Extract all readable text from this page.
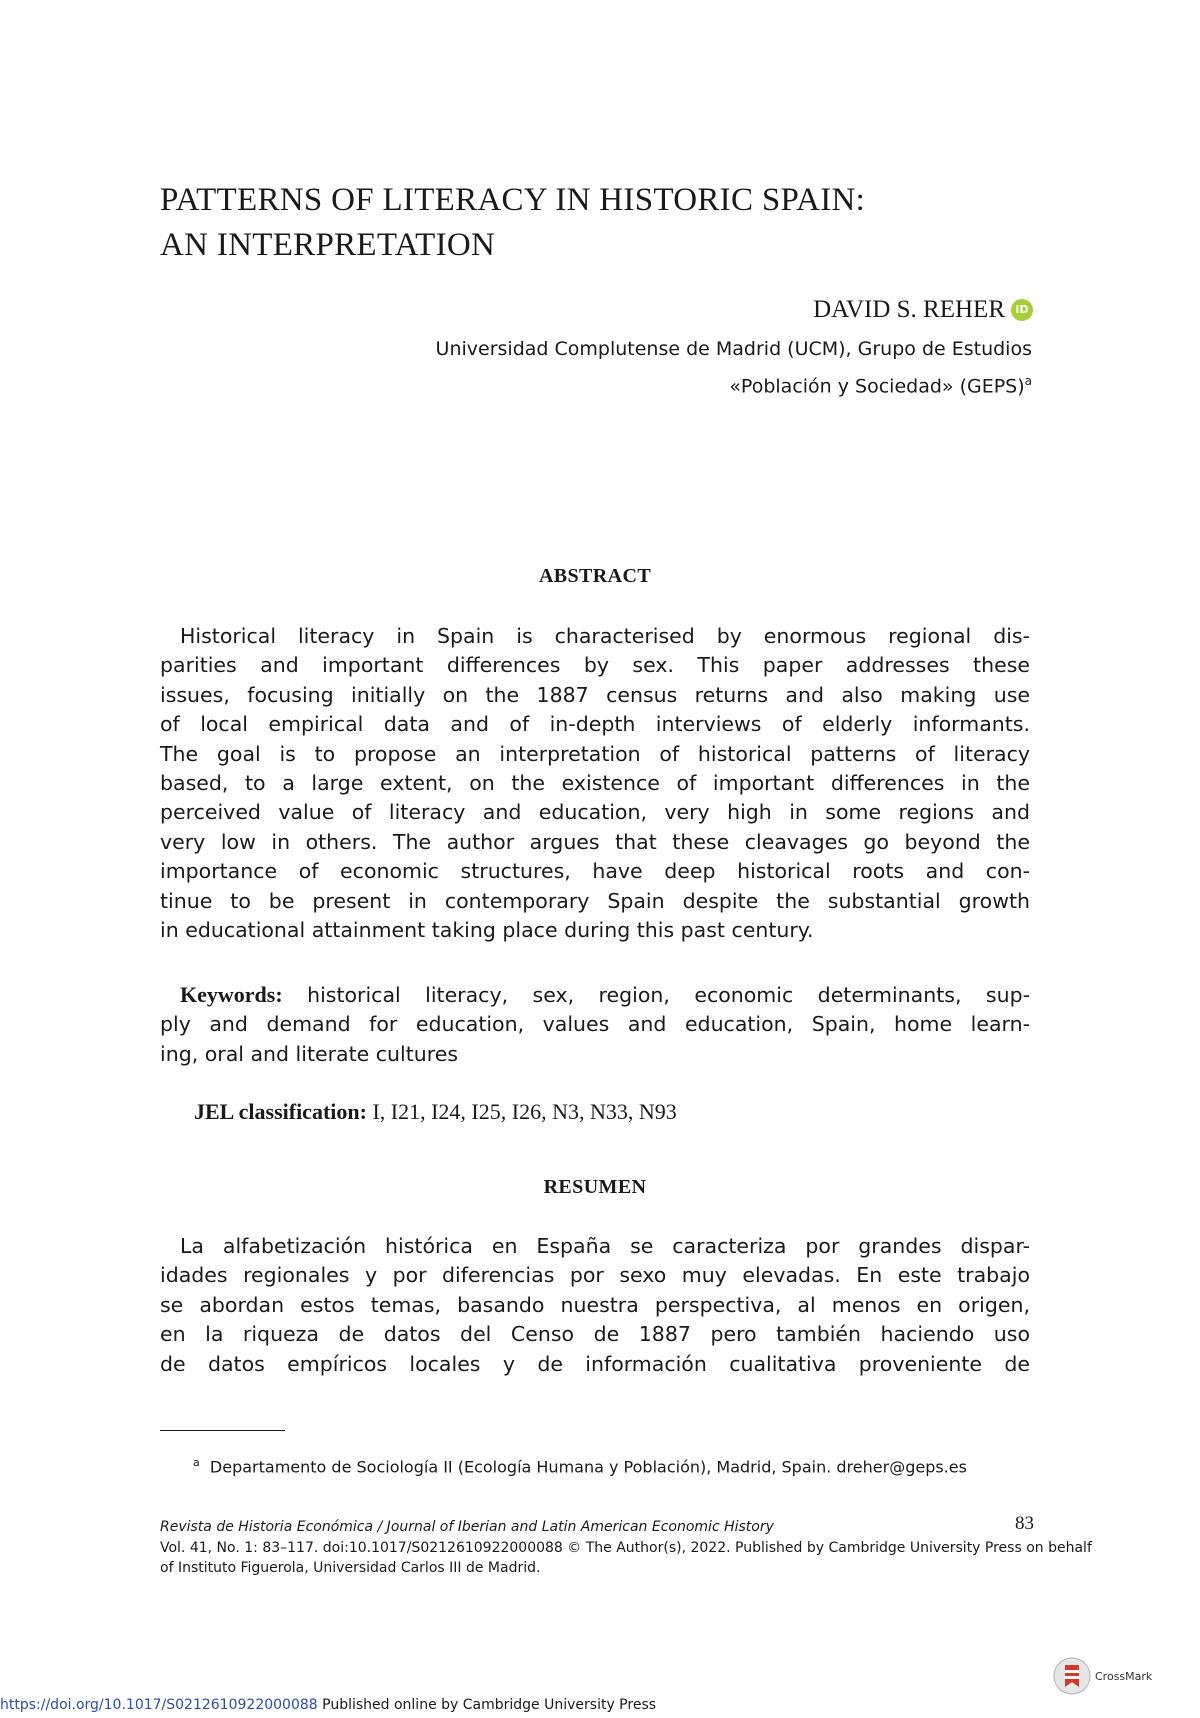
PATTERNS OF LITERACY IN HISTORIC SPAIN:
AN INTERPRETATION
DAVID S. REHER iD
Universidad Complutense de Madrid (UCM), Grupo de Estudios
«Población y Sociedad» (GEPS)$^a$
ABSTRACT
Historical literacy in Spain is characterised by enormous regional dis-
parities and important differences by sex. This paper addresses these
issues, focusing initially on the 1887 census returns and also making use
of local empirical data and of in-depth interviews of elderly informants.
The goal is to propose an interpretation of historical patterns of literacy
based, to a large extent, on the existence of important differences in the
perceived value of literacy and education, very high in some regions and
very low in others. The author argues that these cleavages go beyond the
importance of economic structures, have deep historical roots and con-
tinue to be present in contemporary Spain despite the substantial growth
in educational attainment taking place during this past century.
Keywords: historical literacy, sex, region, economic determinants, sup-
ply and demand for education, values and education, Spain, home learn-
ing, oral and literate cultures
JEL classification: I, I21, I24, I25, I26, N3, N33, N93
RESUMEN
La alfabetización histórica en España se caracteriza por grandes dispar-
idades regionales y por diferencias por sexo muy elevadas. En este trabajo
se abordan estos temas, basando nuestra perspectiva, al menos en origen,
en la riqueza de datos del Censo de 1887 pero también haciendo uso
de datos empíricos locales y de información cualitativa proveniente de
$^a$ Departamento de Sociología II (Ecología Humana y Población), Madrid, Spain. dreher@geps.es
Revista de Historia Económica / Journal of Iberian and Latin American Economic History	83
Vol. 41, No. 1: 83–117. doi:10.1017/S0212610922000088 © The Author(s), 2022. Published by Cambridge University Press on behalf
of Instituto Figuerola, Universidad Carlos III de Madrid.
https://doi.org/10.1017/S0212610922000088 Published online by Cambridge University Press
CrossMark
